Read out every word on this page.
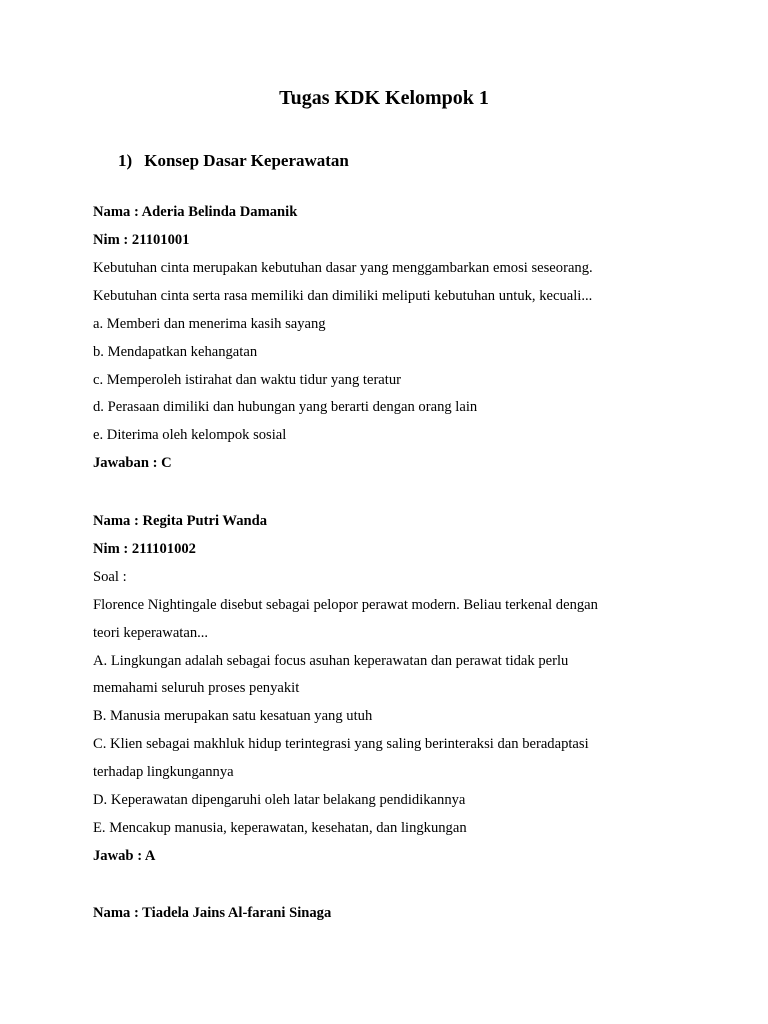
Tugas KDK Kelompok 1
1) Konsep Dasar Keperawatan
Nama : Aderia Belinda Damanik
Nim : 21101001
Kebutuhan cinta merupakan kebutuhan dasar yang menggambarkan emosi seseorang.
Kebutuhan cinta serta rasa memiliki dan dimiliki meliputi kebutuhan untuk, kecuali...
a. Memberi dan menerima kasih sayang
b. Mendapatkan kehangatan
c. Memperoleh istirahat dan waktu tidur yang teratur
d. Perasaan dimiliki dan hubungan yang berarti dengan orang lain
e. Diterima oleh kelompok sosial
Jawaban : C
Nama : Regita Putri Wanda
Nim : 211101002
Soal :
Florence Nightingale disebut sebagai pelopor perawat modern. Beliau terkenal dengan
teori keperawatan...
A. Lingkungan adalah sebagai focus asuhan keperawatan dan perawat tidak perlu
memahami seluruh proses penyakit
B. Manusia merupakan satu kesatuan yang utuh
C. Klien sebagai makhluk hidup terintegrasi yang saling berinteraksi dan beradaptasi
terhadap lingkungannya
D. Keperawatan dipengaruhi oleh latar belakang pendidikannya
E. Mencakup manusia, keperawatan, kesehatan, dan lingkungan
Jawab : A
Nama : Tiadela Jains Al-farani Sinaga
